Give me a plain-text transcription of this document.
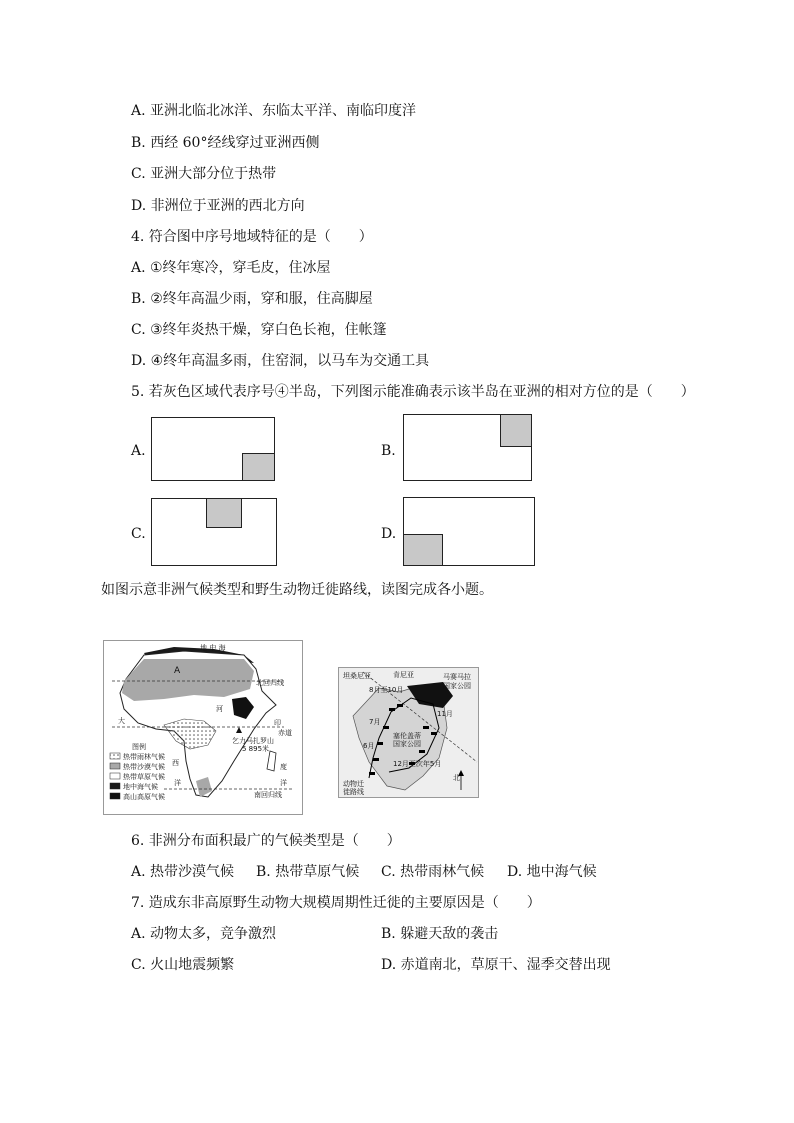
A. 亚洲北临北冰洋、东临太平洋、南临印度洋
B. 西经 60°经线穿过亚洲西侧
C. 亚洲大部分位于热带
D. 非洲位于亚洲的西北方向
4. 符合图中序号地域特征的是（　　）
A. ①终年寒冷，穿毛皮，住冰屋
B. ②终年高温少雨，穿和服，住高脚屋
C. ③终年炎热干燥，穿白色长袍，住帐篷
D. ④终年高温多雨，住窑洞，以马车为交通工具
5. 若灰色区域代表序号④半岛，下列图示能准确表示该半岛在亚洲的相对方位的是（　　）
A.	B.
C.	D.
如图示意非洲气候类型和野生动物迁徙路线，读图完成各小题。
地 中 海
A
北回归线
河
大
西
洋
印
度
洋
赤道
乞力马扎罗山
5 895米
南回归线
图例
热带雨林气候
热带沙漠气候
热带草原气候
地中海气候
高山高原气候
坦桑尼亚	肯尼亚	马赛马拉
国家公园
8月至10月
11月
7月
塞伦盖蒂
国家公园
12月至次年5月
6月
动物迁
徙路线
北
6. 非洲分布面积最广的气候类型是（　　）
A. 热带沙漠气候 B. 热带草原气候 C. 热带雨林气候 D. 地中海气候
7. 造成东非高原野生动物大规模周期性迁徙的主要原因是（　　）
A. 动物太多，竞争激烈	B. 躲避天敌的袭击
C. 火山地震频繁	D. 赤道南北，草原干、湿季交替出现
